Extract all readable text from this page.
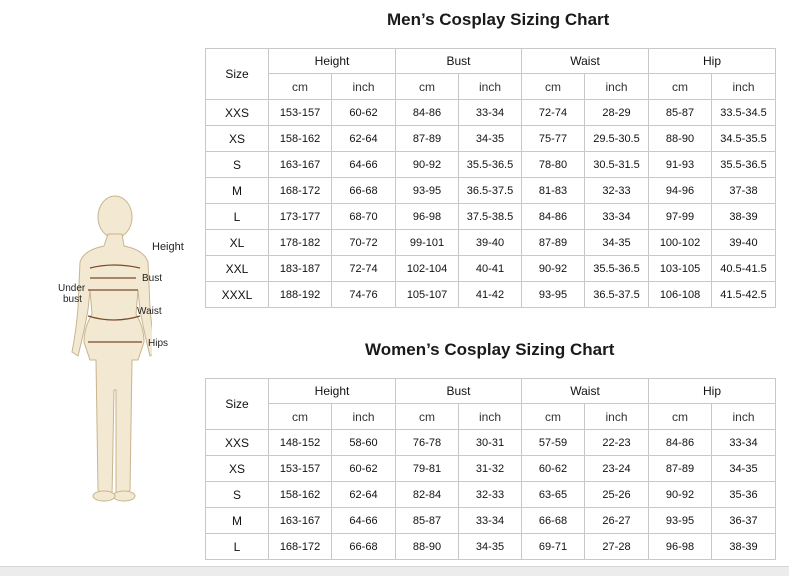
Men’s Cosplay Sizing Chart
Size	Height		Bust		Waist		Hip	
	cm	inch	cm	inch	cm	inch	cm	inch
XXS	153-157	60-62	84-86	33-34	72-74	28-29	85-87	33.5-34.5
XS	158-162	62-64	87-89	34-35	75-77	29.5-30.5	88-90	34.5-35.5
S	163-167	64-66	90-92	35.5-36.5	78-80	30.5-31.5	91-93	35.5-36.5
M	168-172	66-68	93-95	36.5-37.5	81-83	32-33	94-96	37-38
L	173-177	68-70	96-98	37.5-38.5	84-86	33-34	97-99	38-39
XL	178-182	70-72	99-101	39-40	87-89	34-35	100-102	39-40
XXL	183-187	72-74	102-104	40-41	90-92	35.5-36.5	103-105	40.5-41.5
XXXL	188-192	74-76	105-107	41-42	93-95	36.5-37.5	106-108	41.5-42.5
Women’s Cosplay Sizing Chart
Size	Height		Bust		Waist		Hip	
	cm	inch	cm	inch	cm	inch	cm	inch
XXS	148-152	58-60	76-78	30-31	57-59	22-23	84-86	33-34
XS	153-157	60-62	79-81	31-32	60-62	23-24	87-89	34-35
S	158-162	62-64	82-84	32-33	63-65	25-26	90-92	35-36
M	163-167	64-66	85-87	33-34	66-68	26-27	93-95	36-37
L	168-172	66-68	88-90	34-35	69-71	27-28	96-98	38-39
Height
Bust
Under
bust
Waist
Hips
